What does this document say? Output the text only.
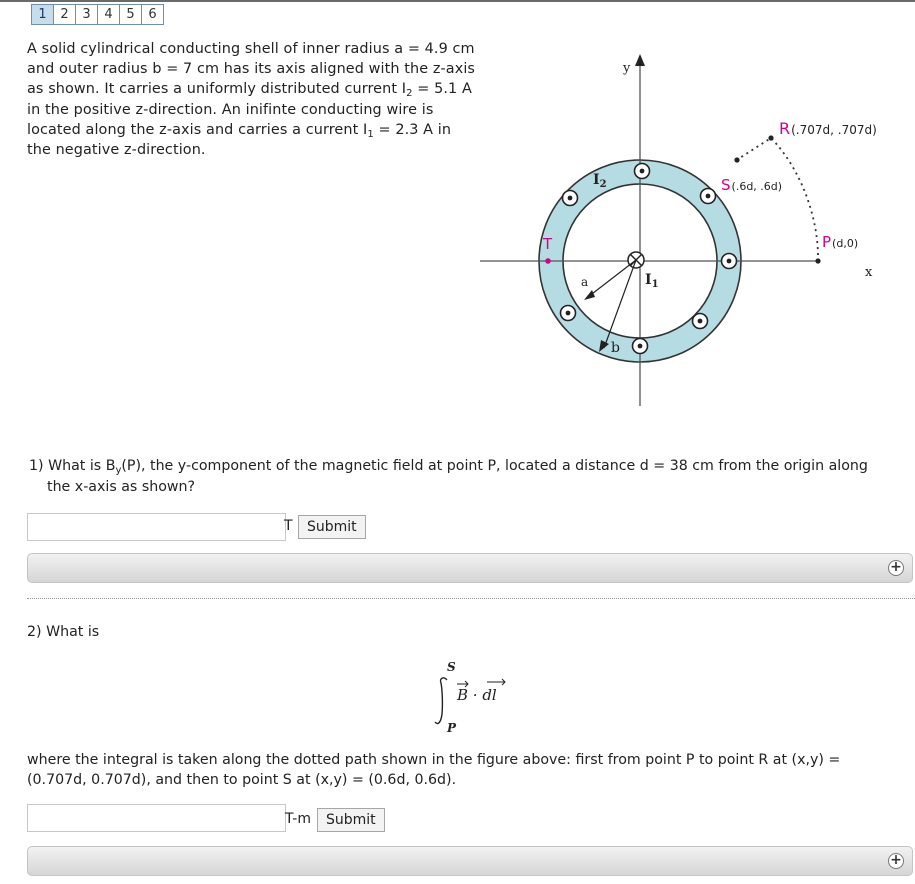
1	2	3	4	5	6
A solid cylindrical conducting shell of inner radius a = 4.9 cm
and outer radius b = 7 cm has its axis aligned with the z-axis
as shown. It carries a uniformly distributed current $I_2 = 5.1$ A
in the positive z-direction. An inifinte conducting wire is
located along the z-axis and carries a current $I_1 = 2.3$ A in
the negative z-direction.
y
x
$I_1$
$I_2$
a
b
T
R(.707d, .707d)
S(.6d, .6d)
P(d,0)
1) What is $B_y(P)$, the y-component of the magnetic field at point P, located a distance d = 38 cm from the origin along
the x-axis as shown?
T	Submit
+
2) What is
S
P
B · dl
where the integral is taken along the dotted path shown in the figure above: first from point P to point R at (x,y) =
(0.707d, 0.707d), and then to point S at (x,y) = (0.6d, 0.6d).
T-m	Submit
+
